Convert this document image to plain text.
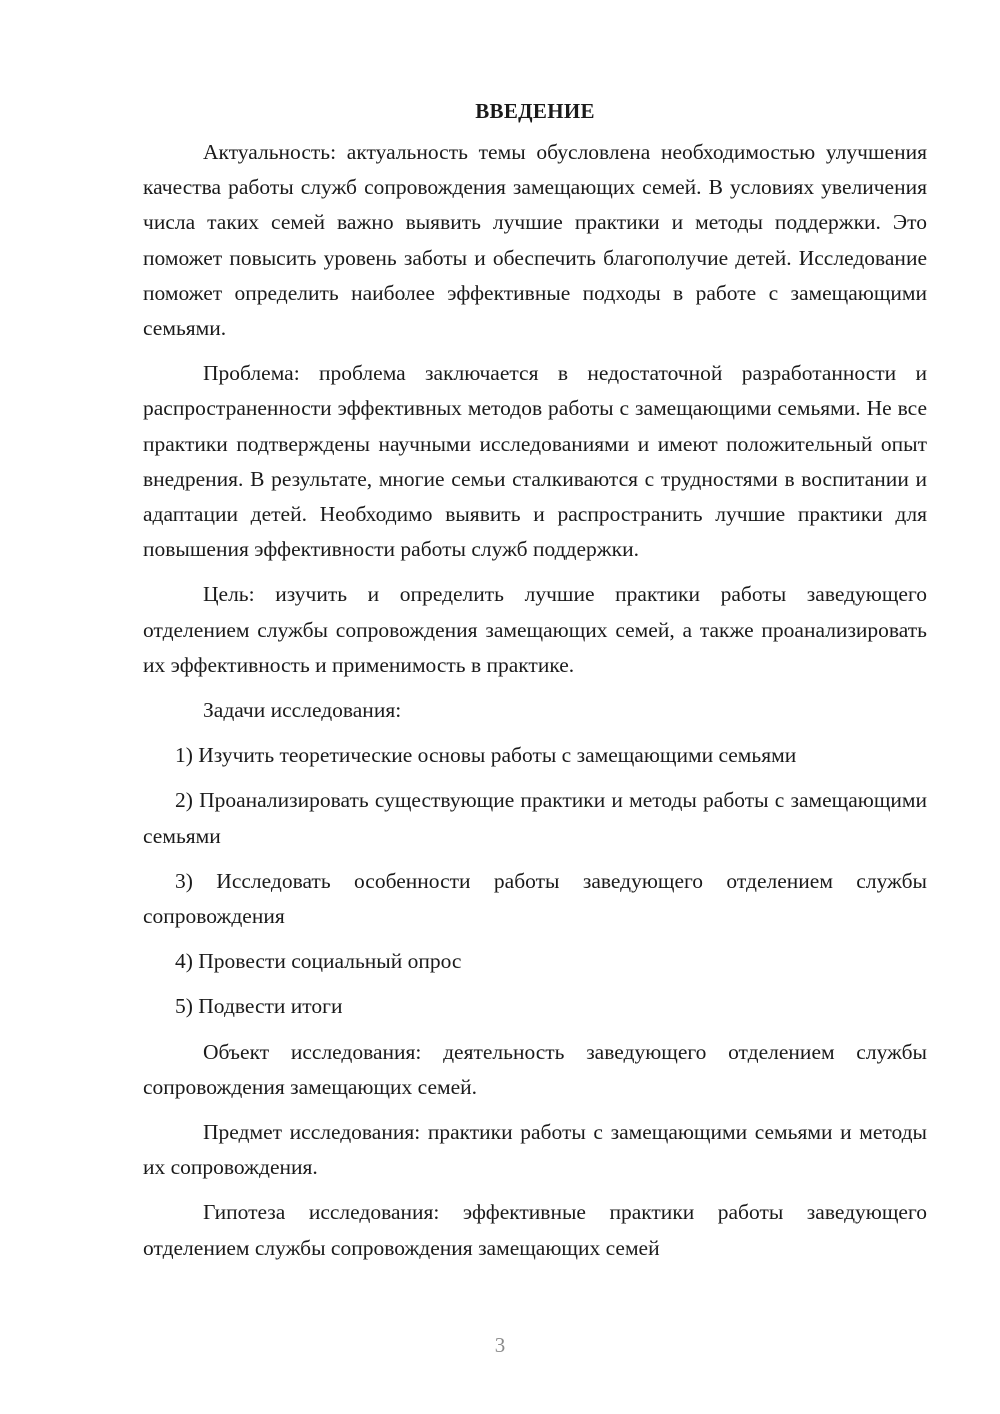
ВВЕДЕНИЕ

Актуальность: актуальность темы обусловлена необходимостью улучшения качества работы служб сопровождения замещающих семей. В условиях увеличения числа таких семей важно выявить лучшие практики и методы поддержки. Это поможет повысить уровень заботы и обеспечить благополучие детей. Исследование поможет определить наиболее эффективные подходы в работе с замещающими семьями.

Проблема: проблема заключается в недостаточной разработанности и распространенности эффективных методов работы с замещающими семьями. Не все практики подтверждены научными исследованиями и имеют положительный опыт внедрения. В результате, многие семьи сталкиваются с трудностями в воспитании и адаптации детей. Необходимо выявить и распространить лучшие практики для повышения эффективности работы служб поддержки.

Цель: изучить и определить лучшие практики работы заведующего отделением службы сопровождения замещающих семей, а также проанализировать их эффективность и применимость в практике.

Задачи исследования:

1) Изучить теоретические основы работы с замещающими семьями

2) Проанализировать существующие практики и методы работы с замещающими семьями

3) Исследовать особенности работы заведующего отделением службы сопровождения

4) Провести социальный опрос

5) Подвести итоги

Объект исследования: деятельность заведующего отделением службы сопровождения замещающих семей.

Предмет исследования: практики работы с замещающими семьями и методы их сопровождения.

Гипотеза исследования: эффективные практики работы заведующего отделением службы сопровождения замещающих семей

3
